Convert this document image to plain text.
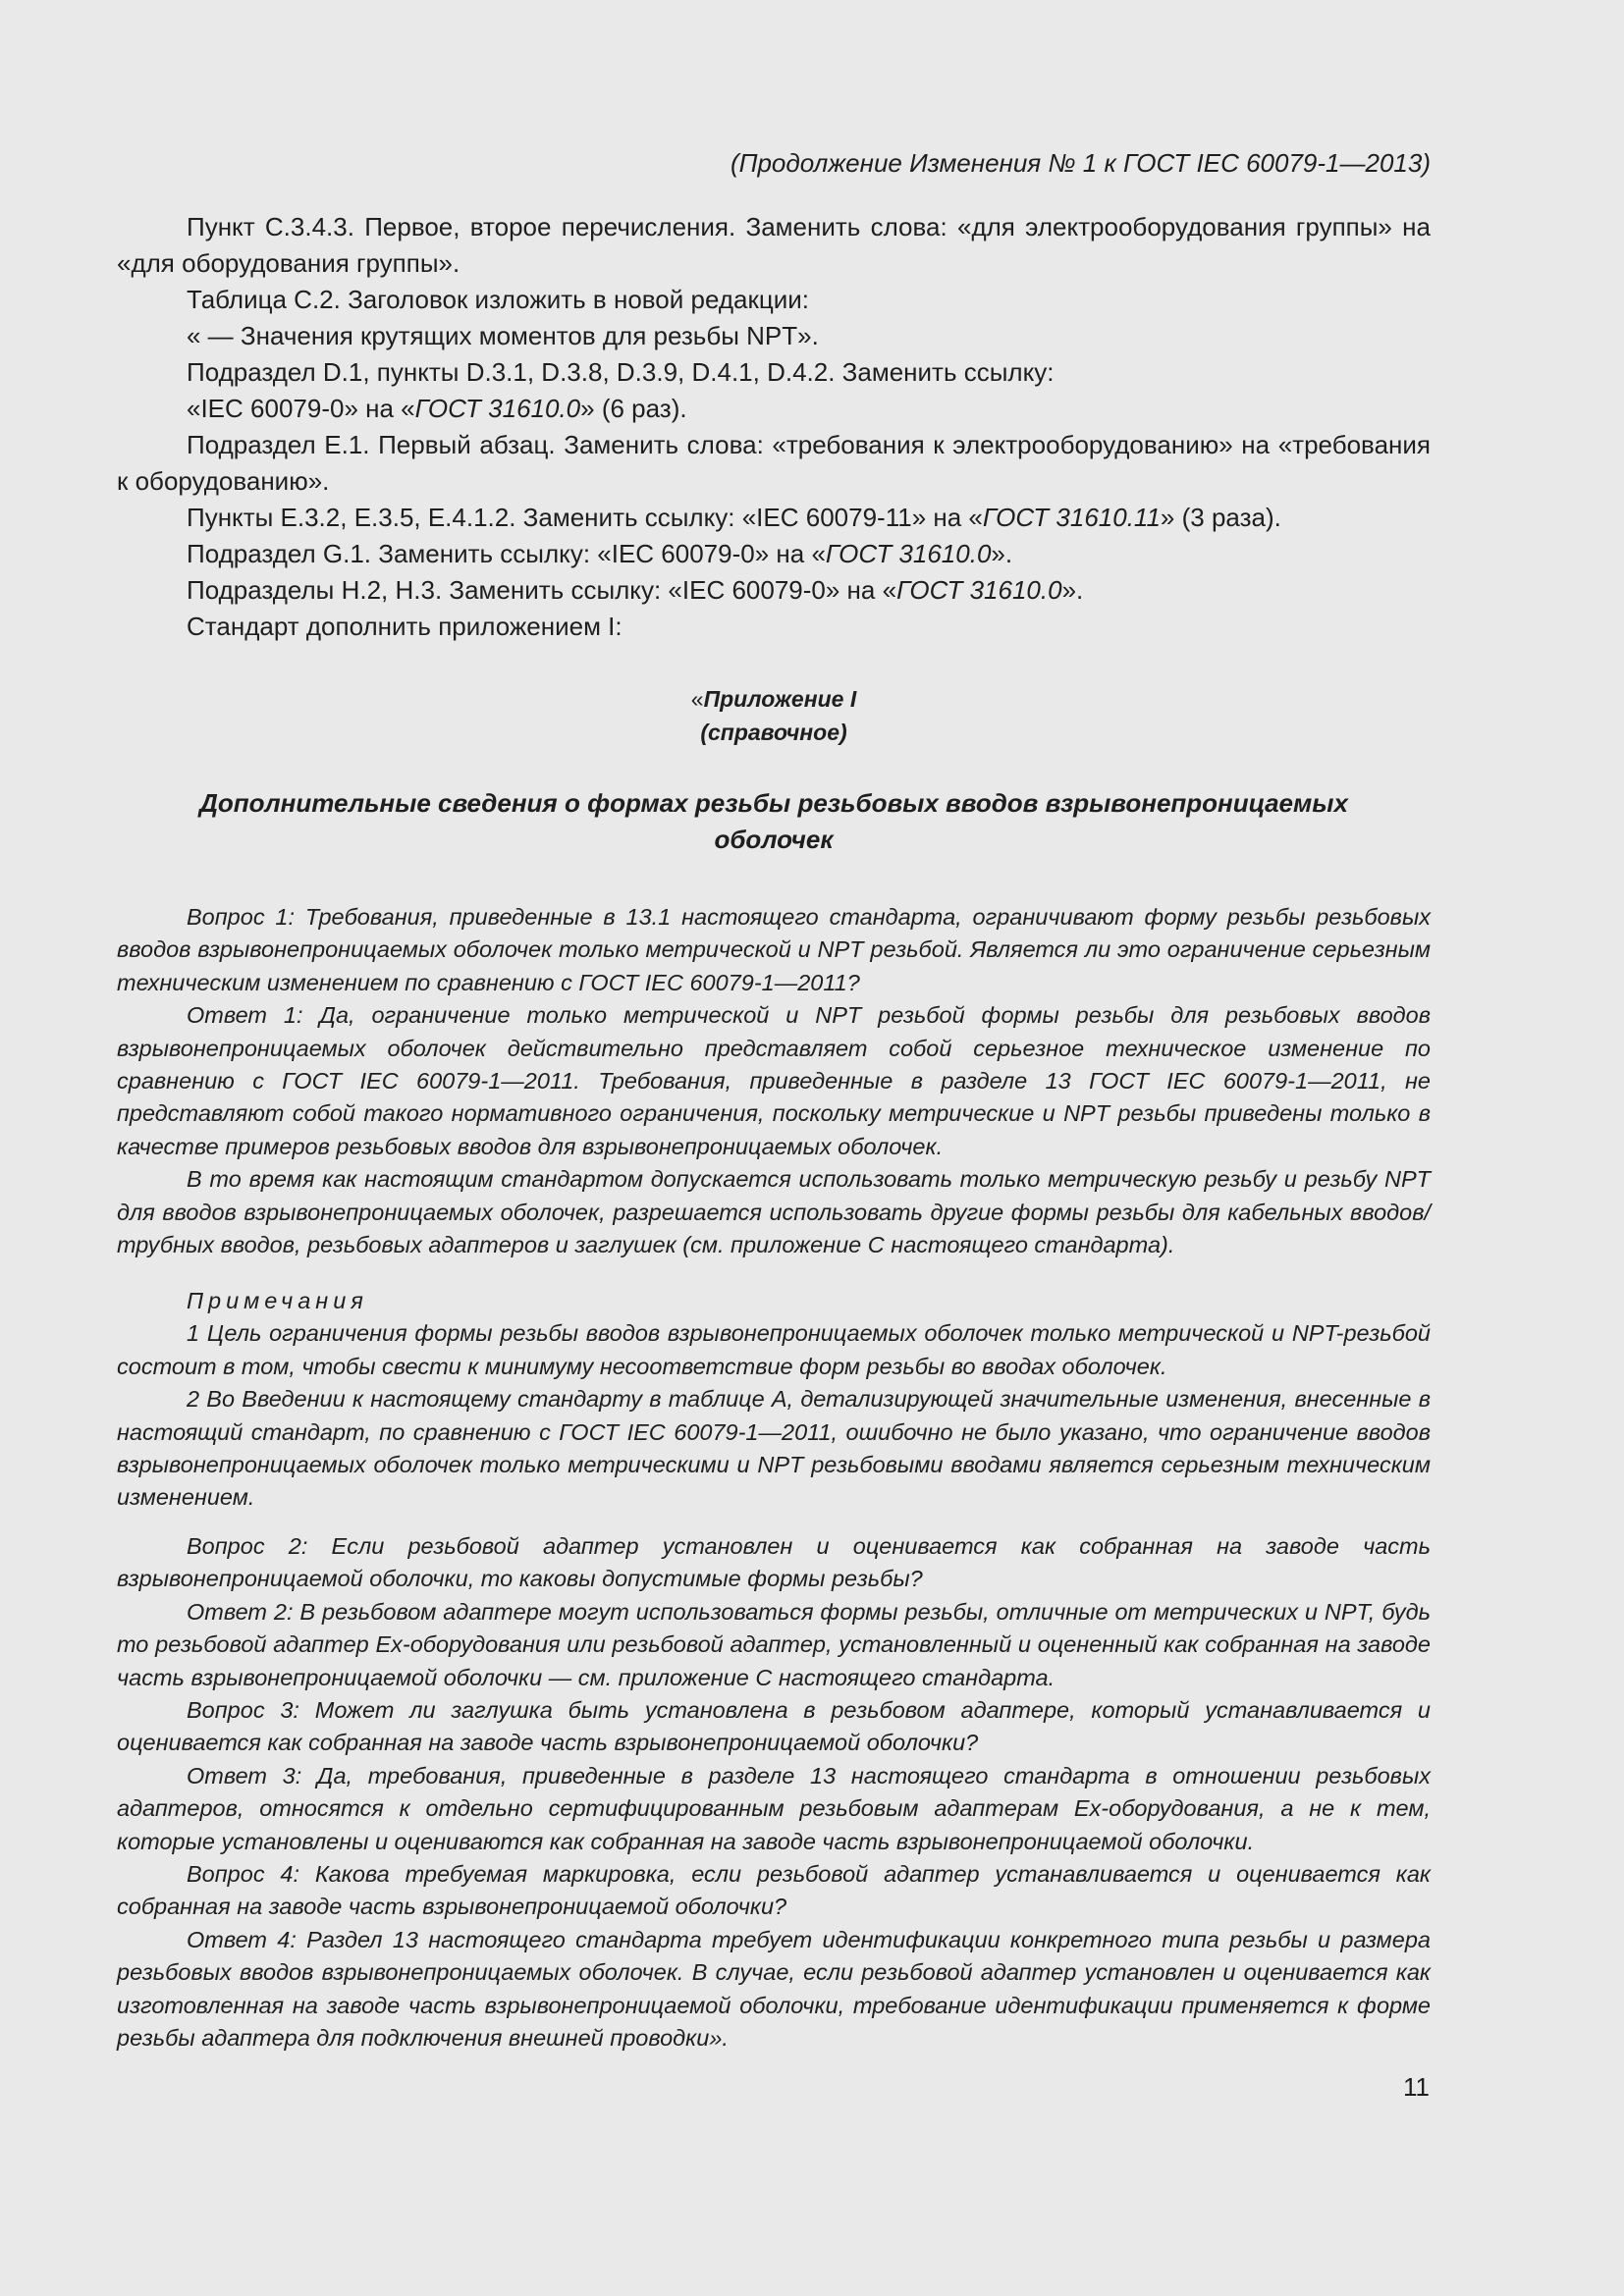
(Продолжение Изменения № 1 к ГОСТ IEC 60079-1—2013)

Пункт С.3.4.3. Первое, второе перечисления. Заменить слова: «для электрооборудования группы» на «для оборудования группы».

Таблица С.2. Заголовок изложить в новой редакции:

« — Значения крутящих моментов для резьбы NPT».

Подраздел D.1, пункты D.3.1, D.3.8, D.3.9, D.4.1, D.4.2. Заменить ссылку:

«IEC 60079-0» на «ГОСТ 31610.0» (6 раз).

Подраздел Е.1. Первый абзац. Заменить слова: «требования к электрооборудованию» на «требования к оборудованию».

Пункты Е.3.2, Е.3.5, Е.4.1.2. Заменить ссылку: «IEC 60079-11» на «ГОСТ 31610.11» (3 раза).

Подраздел G.1. Заменить ссылку: «IEC 60079-0» на «ГОСТ 31610.0».

Подразделы Н.2, Н.3. Заменить ссылку: «IEC 60079-0» на «ГОСТ 31610.0».

Стандарт дополнить приложением I:

«Приложение I
(справочное)
Дополнительные сведения о формах резьбы резьбовых вводов взрывонепроницаемых оболочек

Вопрос 1: Требования, приведенные в 13.1 настоящего стандарта, ограничивают форму резьбы резьбовых вводов взрывонепроницаемых оболочек только метрической и NPT резьбой. Является ли это ограничение серьезным техническим изменением по сравнению с ГОСТ IEC 60079-1—2011?

Ответ 1: Да, ограничение только метрической и NPT резьбой формы резьбы для резьбовых вводов взрывонепроницаемых оболочек действительно представляет собой серьезное техническое изменение по сравнению с ГОСТ IEC 60079-1—2011. Требования, приведенные в разделе 13 ГОСТ IEC 60079-1—2011, не представляют собой такого нормативного ограничения, поскольку метрические и NPT резьбы приведены только в качестве примеров резьбовых вводов для взрывонепроницаемых оболочек.

В то время как настоящим стандартом допускается использовать только метрическую резьбу и резьбу NPT для вводов взрывонепроницаемых оболочек, разрешается использовать другие формы резьбы для кабельных вводов/трубных вводов, резьбовых адаптеров и заглушек (см. приложение С настоящего стандарта).

Примечания

1 Цель ограничения формы резьбы вводов взрывонепроницаемых оболочек только метрической и NPT-резьбой состоит в том, чтобы свести к минимуму несоответствие форм резьбы во вводах оболочек.

2 Во Введении к настоящему стандарту в таблице А, детализирующей значительные изменения, внесенные в настоящий стандарт, по сравнению с ГОСТ IEC 60079-1—2011, ошибочно не было указано, что ограничение вводов взрывонепроницаемых оболочек только метрическими и NPT резьбовыми вводами является серьезным техническим изменением.

Вопрос 2: Если резьбовой адаптер установлен и оценивается как собранная на заводе часть взрывонепроницаемой оболочки, то каковы допустимые формы резьбы?

Ответ 2: В резьбовом адаптере могут использоваться формы резьбы, отличные от метрических и NPT, будь то резьбовой адаптер Ex-оборудования или резьбовой адаптер, установленный и оцененный как собранная на заводе часть взрывонепроницаемой оболочки — см. приложение С настоящего стандарта.

Вопрос 3: Может ли заглушка быть установлена в резьбовом адаптере, который устанавливается и оценивается как собранная на заводе часть взрывонепроницаемой оболочки?

Ответ 3: Да, требования, приведенные в разделе 13 настоящего стандарта в отношении резьбовых адаптеров, относятся к отдельно сертифицированным резьбовым адаптерам Ex-оборудования, а не к тем, которые установлены и оцениваются как собранная на заводе часть взрывонепроницаемой оболочки.

Вопрос 4: Какова требуемая маркировка, если резьбовой адаптер устанавливается и оценивается как собранная на заводе часть взрывонепроницаемой оболочки?

Ответ 4: Раздел 13 настоящего стандарта требует идентификации конкретного типа резьбы и размера резьбовых вводов взрывонепроницаемых оболочек. В случае, если резьбовой адаптер установлен и оценивается как изготовленная на заводе часть взрывонепроницаемой оболочки, требование идентификации применяется к форме резьбы адаптера для подключения внешней проводки».

11
